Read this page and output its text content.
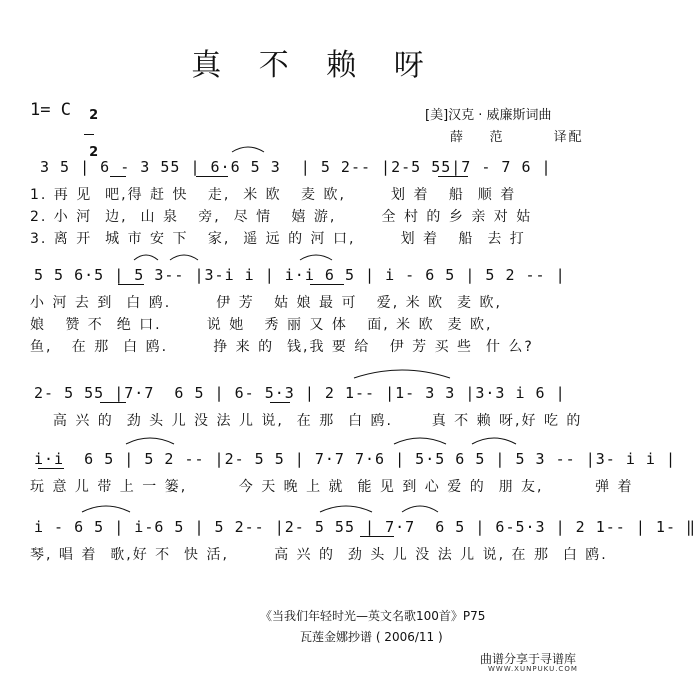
真 不 赖 呀
1= C	2

2

[美]汉克 · 威廉斯词曲
薛    范        译配
3 5 | 6 - 3 55 | 6·6 5 3  | 5 2-- |2-5 55|7 - 7 6 |
1. 再 见  吧,得 赶 快   走,  米 欧   麦 欧,       划 着   船  顺 着
2. 小 河  边,  山 泉   旁,  尽 情   嬉 游,       全 村 的 乡 亲 对 姑
3. 离 开  城 市 安 下   家,  遥 远 的 河 口,       划 着   船  去 打
5 5 6·5 | 5 3-- |3-i i | i·i 6 5 | i - 6 5 | 5 2 -- |
小 河 去 到  白 鸥.       伊 芳   姑 娘 最 可   爱, 米 欧  麦 欧,
娘   赞 不  绝 口.       说 她   秀 丽 又 体   面, 米 欧  麦 欧,
鱼,   在 那  白 鸥.       挣 来 的  钱,我 要 给   伊 芳 买 些  什 么?
2- 5 55 |7·7  6 5 | 6- 5·3 | 2 1-- |1- 3 3 |3·3 i 6 |
高 兴 的  劲 头 儿 没 法 儿 说,  在 那  白 鸥.      真 不 赖 呀,好 吃 的
i·i  6 5 | 5 2 -- |2- 5 5 | 7·7 7·6 | 5·5 6 5 | 5 3 -- |3- i i |
玩 意 儿 带 上 一 篓,        今 天 晚 上 就  能 见 到 心 爱 的  朋 友,        弹 着
i - 6 5 | i-6 5 | 5 2-- |2- 5 55 | 7·7  6 5 | 6-5·3 | 2 1-- | 1- ‖
琴, 唱 着  歌,好 不  快 活,       高 兴 的  劲 头 儿 没 法 儿 说, 在 那  白 鸥.
《当我们年轻时光—英文名歌100首》P75
瓦莲金娜抄谱 ( 2006/11 )
曲谱分享于寻谱库
WWW.XUNPUKU.COM
